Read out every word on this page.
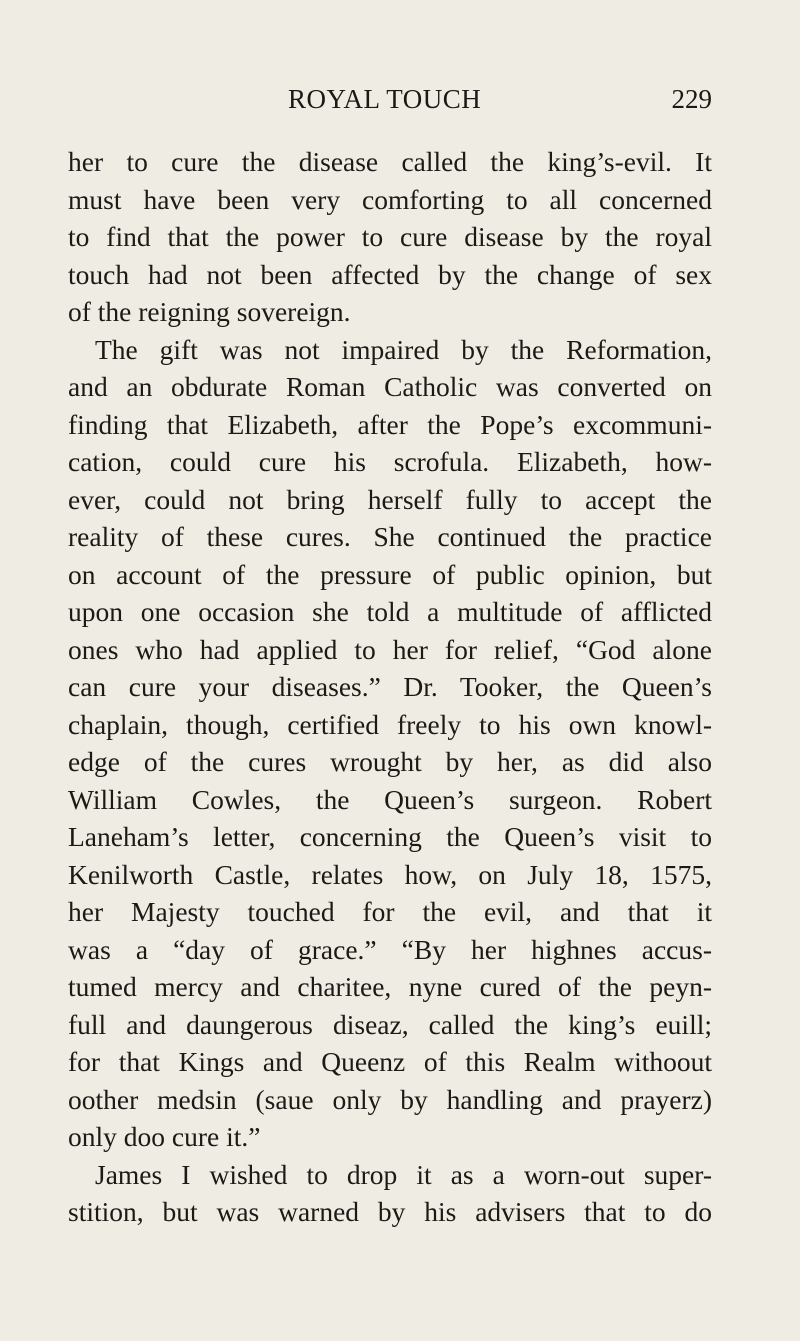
ROYAL TOUCH	229
her to cure the disease called the king’s-evil. It
must have been very comforting to all concerned
to find that the power to cure disease by the royal
touch had not been affected by the change of sex
of the reigning sovereign.
The gift was not impaired by the Reformation,
and an obdurate Roman Catholic was converted on
finding that Elizabeth, after the Pope’s excommuni-
cation, could cure his scrofula. Elizabeth, how-
ever, could not bring herself fully to accept the
reality of these cures. She continued the practice
on account of the pressure of public opinion, but
upon one occasion she told a multitude of afflicted
ones who had applied to her for relief, “God alone
can cure your diseases.” Dr. Tooker, the Queen’s
chaplain, though, certified freely to his own knowl-
edge of the cures wrought by her, as did also
William Cowles, the Queen’s surgeon. Robert
Laneham’s letter, concerning the Queen’s visit to
Kenilworth Castle, relates how, on July 18, 1575,
her Majesty touched for the evil, and that it
was a “day of grace.” “By her highnes accus-
tumed mercy and charitee, nyne cured of the peyn-
full and daungerous diseaz, called the king’s euill;
for that Kings and Queenz of this Realm withoout
oother medsin (saue only by handling and prayerz)
only doo cure it.”
James I wished to drop it as a worn-out super-
stition, but was warned by his advisers that to do
